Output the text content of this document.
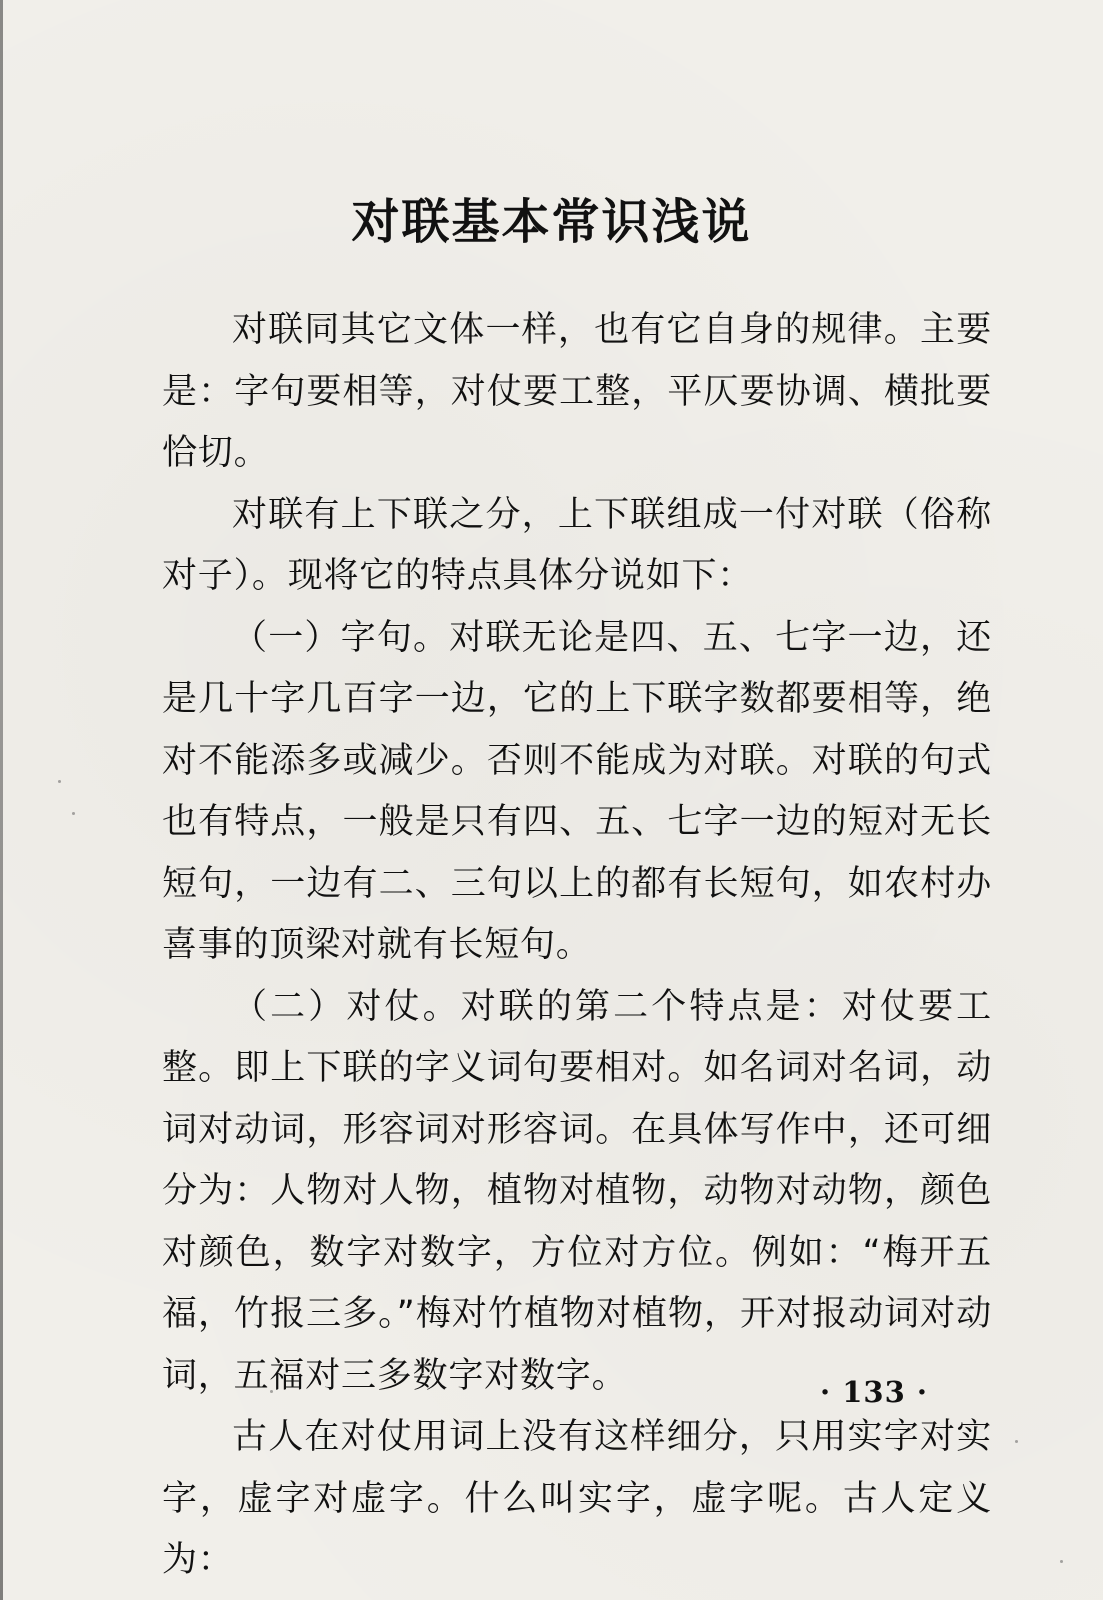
对联基本常识浅说

对联同其它文体一样，也有它自身的规律。主要是：字句要相等，对仗要工整，平仄要协调、横批要恰切。

对联有上下联之分，上下联组成一付对联（俗称对子）。现将它的特点具体分说如下：

（一）字句。对联无论是四、五、七字一边，还是几十字几百字一边，它的上下联字数都要相等，绝对不能添多或减少。否则不能成为对联。对联的句式也有特点，一般是只有四、五、七字一边的短对无长短句，一边有二、三句以上的都有长短句，如农村办喜事的顶梁对就有长短句。

（二）对仗。对联的第二个特点是：对仗要工整。即上下联的字义词句要相对。如名词对名词，动词对动词，形容词对形容词。在具体写作中，还可细分为：人物对人物，植物对植物，动物对动物，颜色对颜色，数字对数字，方位对方位。例如：“梅开五福，竹报三多。”梅对竹植物对植物，开对报动词对动词，五福对三多数字对数字。

古人在对仗用词上没有这样细分，只用实字对实字，虚字对虚字。什么叫实字，虚字呢。古人定义为：

· 133 ·
